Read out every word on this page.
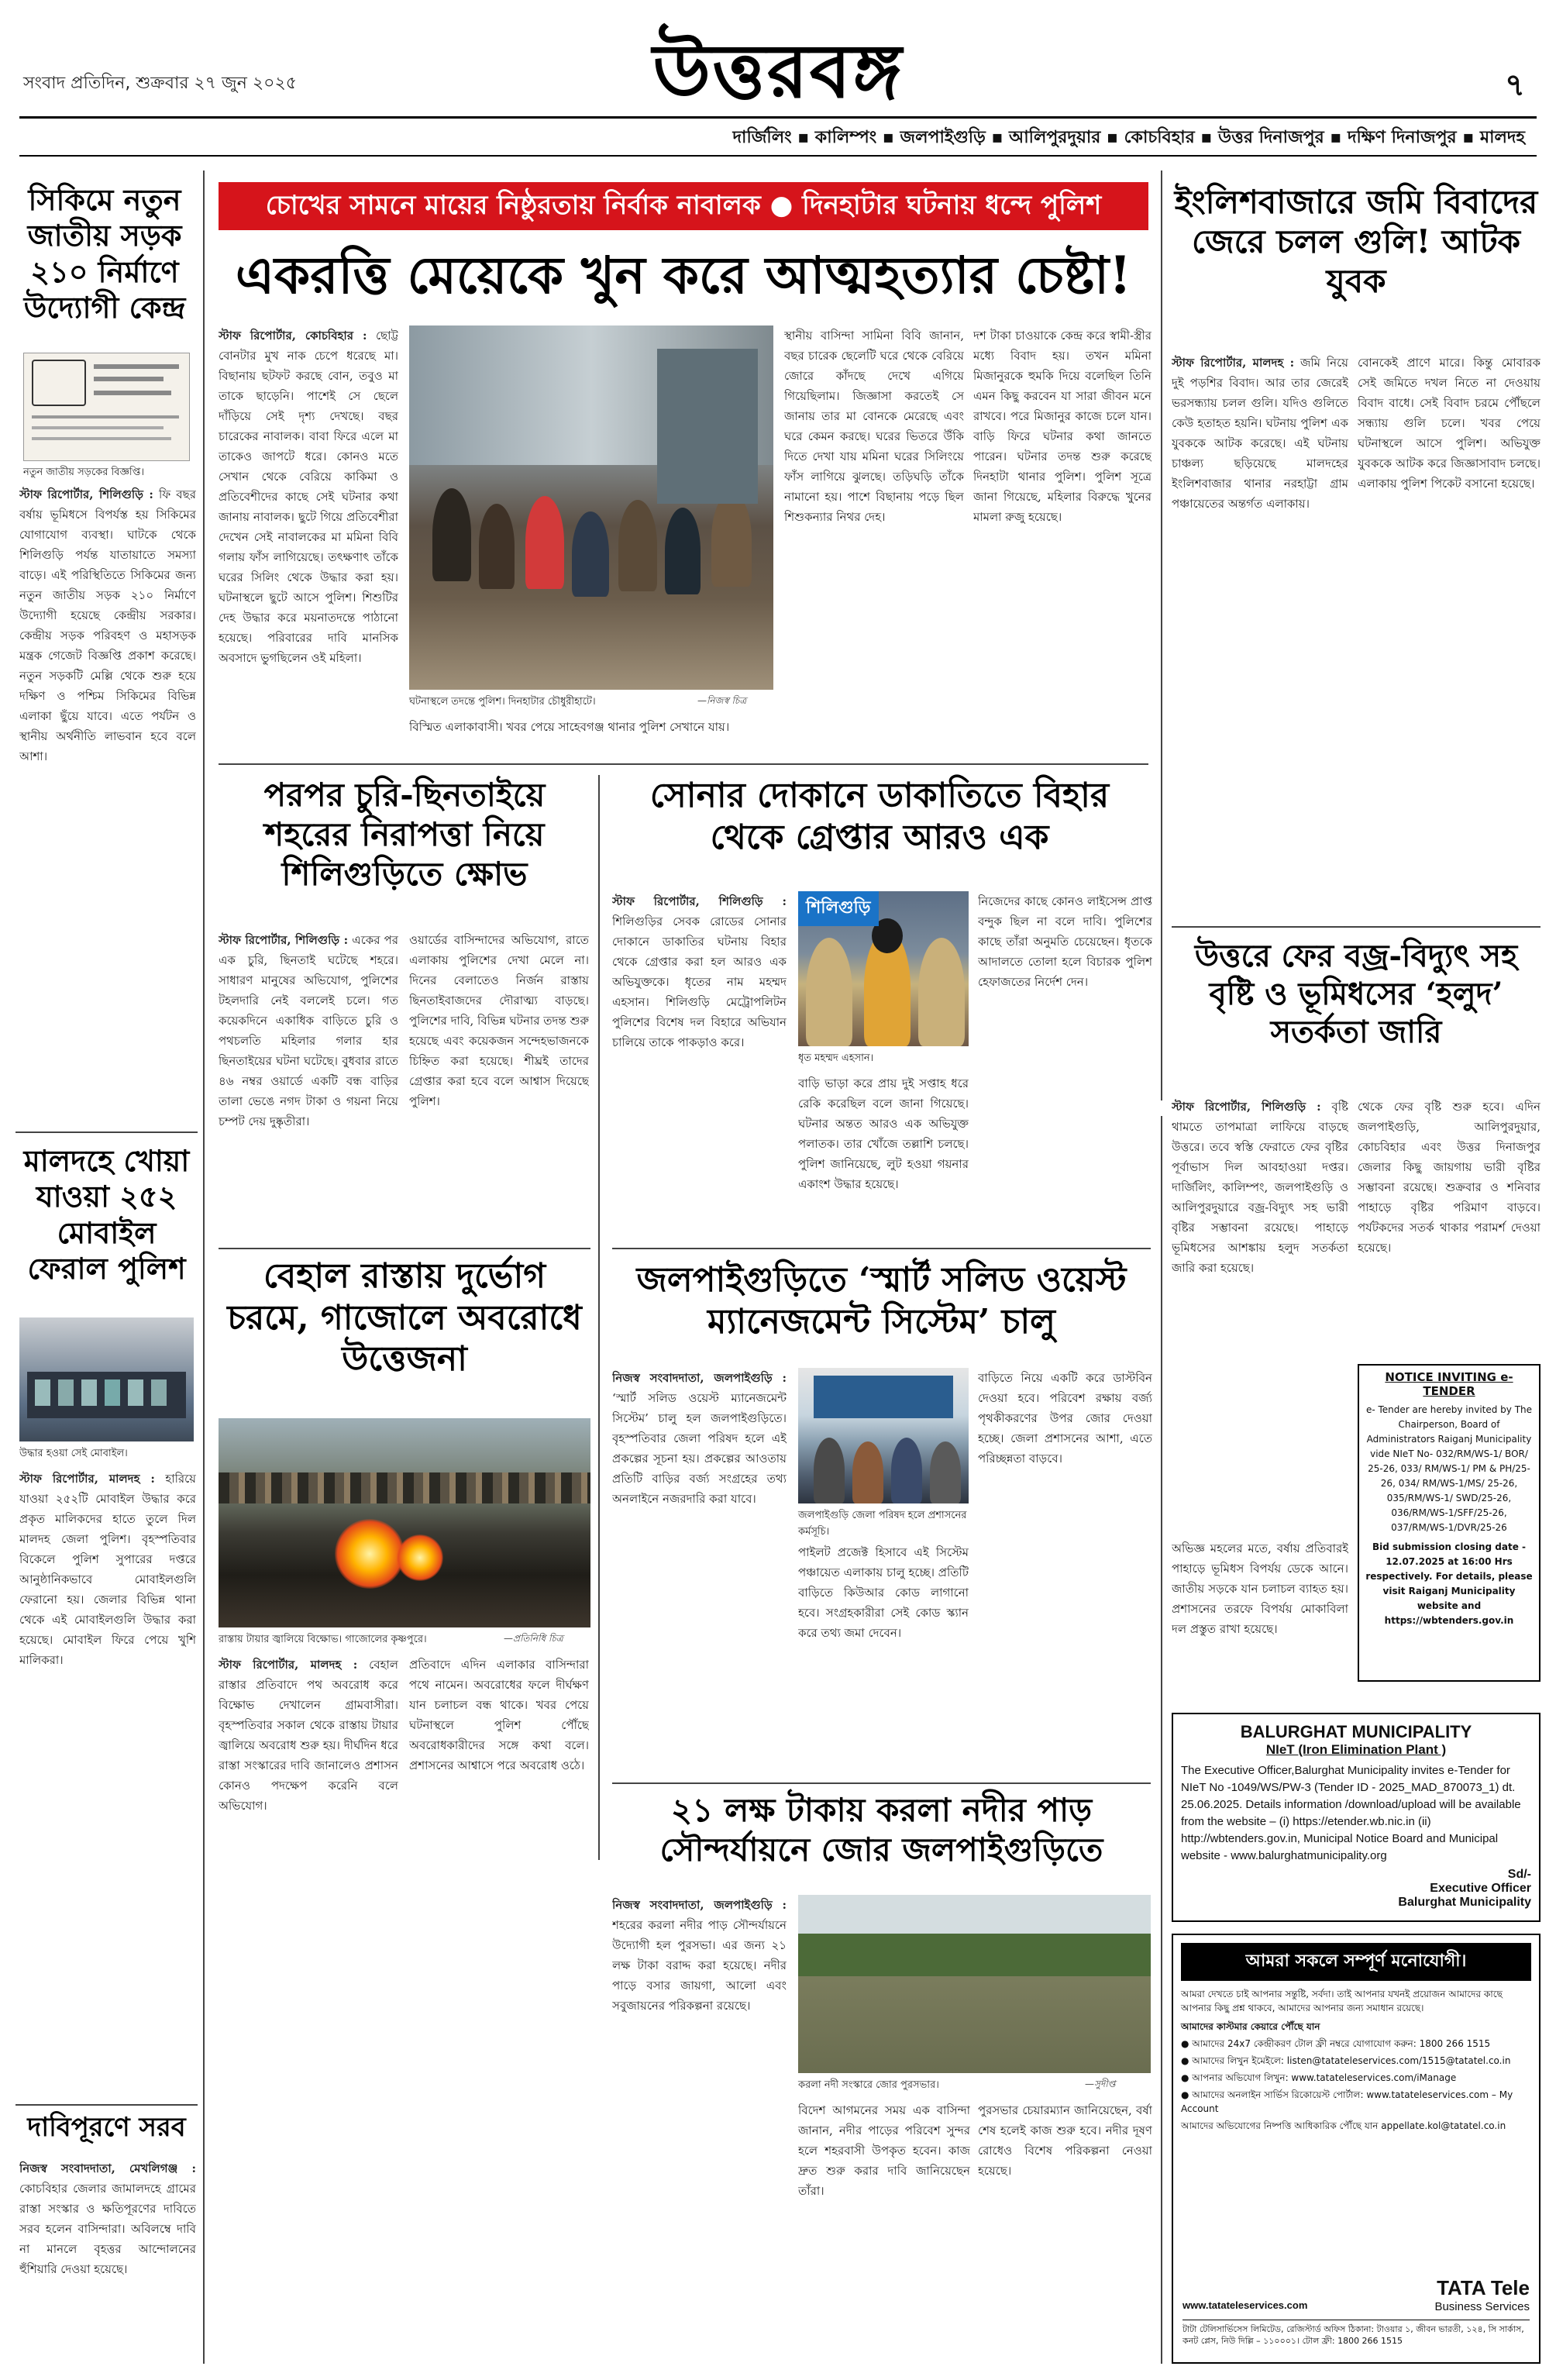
উত্তরবঙ্গ
সংবাদ প্রতিদিন, শুক্রবার ২৭ জুন ২০২৫	৭
দার্জিলিং ▪ কালিম্পং ▪ জলপাইগুড়ি ▪ আলিপুরদুয়ার ▪ কোচবিহার ▪ উত্তর দিনাজপুর ▪ দক্ষিণ দিনাজপুর ▪ মালদহ
চোখের সামনে মায়ের নিষ্ঠুরতায় নির্বাক নাবালক ● দিনহাটার ঘটনায় ধন্দে পুলিশ
একরত্তি মেয়েকে খুন করে আত্মহত্যার চেষ্টা!

স্টাফ রিপোর্টার, কোচবিহার : ছোট্ট বোনটার মুখ নাক চেপে ধরেছে মা। বিছানায় ছটফট করছে বোন, তবুও মা তাকে ছাড়েনি। পাশেই সে ছেলে দাঁড়িয়ে সেই দৃশ্য দেখছে। বছর চারেকের নাবালক। বাবা ফিরে এলে মা তাকেও জাপটে ধরে। কোনও মতে সেখান থেকে বেরিয়ে কাকিমা ও প্রতিবেশীদের কাছে সেই ঘটনার কথা জানায় নাবালক। ছুটে গিয়ে প্রতিবেশীরা দেখেন সেই নাবালকের মা মমিনা বিবি গলায় ফাঁস লাগিয়েছে। তৎক্ষণাৎ তাঁকে ঘরের সিলিং থেকে উদ্ধার করা হয়। ঘটনাস্থলে ছুটে আসে পুলিশ। শিশুটির দেহ উদ্ধার করে ময়নাতদন্তে পাঠানো হয়েছে। পরিবারের দাবি মানসিক অবসাদে ভুগছিলেন ওই মহিলা।

ঘটনাস্থলে তদন্তে পুলিশ। দিনহাটার চৌধুরীহাটে।	—নিজস্ব চিত্র

বিস্মিত এলাকাবাসী। খবর পেয়ে সাহেবগঞ্জ থানার পুলিশ সেখানে যায়।

স্থানীয় বাসিন্দা সামিনা বিবি জানান, বছর চারেক ছেলেটি ঘরে থেকে বেরিয়ে জোরে কাঁদছে দেখে এগিয়ে গিয়েছিলাম। জিজ্ঞাসা করতেই সে জানায় তার মা বোনকে মেরেছে এবং ঘরে কেমন করছে। ঘরের ভিতরে উঁকি দিতে দেখা যায় মমিনা ঘরের সিলিংয়ে ফাঁস লাগিয়ে ঝুলছে। তড়িঘড়ি তাঁকে নামানো হয়। পাশে বিছানায় পড়ে ছিল শিশুকন্যার নিথর দেহ।
দশ টাকা চাওয়াকে কেন্দ্র করে স্বামী-স্ত্রীর মধ্যে বিবাদ হয়। তখন মমিনা মিজানুরকে হুমকি দিয়ে বলেছিল তিনি এমন কিছু করবেন যা সারা জীবন মনে রাখবে। পরে মিজানুর কাজে চলে যান। বাড়ি ফিরে ঘটনার কথা জানতে পারেন। ঘটনার তদন্ত শুরু করেছে দিনহাটা থানার পুলিশ। পুলিশ সূত্রে জানা গিয়েছে, মহিলার বিরুদ্ধে খুনের মামলা রুজু হয়েছে।
সিকিমে নতুন জাতীয় সড়ক ২১০ নির্মাণে উদ্যোগী কেন্দ্র
নতুন জাতীয় সড়কের বিজ্ঞপ্তি।

স্টাফ রিপোর্টার, শিলিগুড়ি : ফি বছর বর্ষায় ভূমিধসে বিপর্যস্ত হয় সিকিমের যোগাযোগ ব্যবস্থা। ঘাটকে থেকে শিলিগুড়ি পর্যন্ত যাতায়াতে সমস্যা বাড়ে। এই পরিস্থিতিতে সিকিমের জন্য নতুন জাতীয় সড়ক ২১০ নির্মাণে উদ্যোগী হয়েছে কেন্দ্রীয় সরকার। কেন্দ্রীয় সড়ক পরিবহণ ও মহাসড়ক মন্ত্রক গেজেট বিজ্ঞপ্তি প্রকাশ করেছে। নতুন সড়কটি মেল্লি থেকে শুরু হয়ে দক্ষিণ ও পশ্চিম সিকিমের বিভিন্ন এলাকা ছুঁয়ে যাবে। এতে পর্যটন ও স্থানীয় অর্থনীতি লাভবান হবে বলে আশা।

মালদহে খোয়া যাওয়া ২৫২ মোবাইল ফেরাল পুলিশ
উদ্ধার হওয়া সেই মোবাইল।

স্টাফ রিপোর্টার, মালদহ : হারিয়ে যাওয়া ২৫২টি মোবাইল উদ্ধার করে প্রকৃত মালিকদের হাতে তুলে দিল মালদহ জেলা পুলিশ। বৃহস্পতিবার বিকেলে পুলিশ সুপারের দপ্তরে আনুষ্ঠানিকভাবে মোবাইলগুলি ফেরানো হয়। জেলার বিভিন্ন থানা থেকে এই মোবাইলগুলি উদ্ধার করা হয়েছে। মোবাইল ফিরে পেয়ে খুশি মালিকরা।

দাবিপূরণে সরব

নিজস্ব সংবাদদাতা, মেখলিগঞ্জ : কোচবিহার জেলার জামালদহে গ্রামের রাস্তা সংস্কার ও ক্ষতিপূরণের দাবিতে সরব হলেন বাসিন্দারা। অবিলম্বে দাবি না মানলে বৃহত্তর আন্দোলনের হুঁশিয়ারি দেওয়া হয়েছে।

পরপর চুরি-ছিনতাইয়ে শহরের নিরাপত্তা নিয়ে শিলিগুড়িতে ক্ষোভ

স্টাফ রিপোর্টার, শিলিগুড়ি : একের পর এক চুরি, ছিনতাই ঘটেছে শহরে। সাধারণ মানুষের অভিযোগ, পুলিশের টহলদারি নেই বললেই চলে। গত কয়েকদিনে একাধিক বাড়িতে চুরি ও পথচলতি মহিলার গলার হার ছিনতাইয়ের ঘটনা ঘটেছে। বুধবার রাতে ৪৬ নম্বর ওয়ার্ডে একটি বন্ধ বাড়ির তালা ভেঙে নগদ টাকা ও গয়না নিয়ে চম্পট দেয় দুষ্কৃতীরা।

ওয়ার্ডের বাসিন্দাদের অভিযোগ, রাতে এলাকায় পুলিশের দেখা মেলে না। দিনের বেলাতেও নির্জন রাস্তায় ছিনতাইবাজদের দৌরাত্ম্য বাড়ছে। পুলিশের দাবি, বিভিন্ন ঘটনার তদন্ত শুরু হয়েছে এবং কয়েকজন সন্দেহভাজনকে চিহ্নিত করা হয়েছে। শীঘ্রই তাদের গ্রেপ্তার করা হবে বলে আশ্বাস দিয়েছে পুলিশ।
বেহাল রাস্তায় দুর্ভোগ চরমে, গাজোলে অবরোধে উত্তেজনা
রাস্তায় টায়ার জ্বালিয়ে বিক্ষোভ। গাজোলের কৃষ্ণপুরে।	—প্রতিনিধি চিত্র

স্টাফ রিপোর্টার, মালদহ : বেহাল রাস্তার প্রতিবাদে পথ অবরোধ করে বিক্ষোভ দেখালেন গ্রামবাসীরা। বৃহস্পতিবার সকাল থেকে রাস্তায় টায়ার জ্বালিয়ে অবরোধ শুরু হয়। দীর্ঘদিন ধরে রাস্তা সংস্কারের দাবি জানালেও প্রশাসন কোনও পদক্ষেপ করেনি বলে অভিযোগ।

প্রতিবাদে এদিন এলাকার বাসিন্দারা পথে নামেন। অবরোধের ফলে দীর্ঘক্ষণ যান চলাচল বন্ধ থাকে। খবর পেয়ে ঘটনাস্থলে পুলিশ পৌঁছে অবরোধকারীদের সঙ্গে কথা বলে। প্রশাসনের আশ্বাসে পরে অবরোধ ওঠে।
সোনার দোকানে ডাকাতিতে বিহার থেকে গ্রেপ্তার আরও এক

স্টাফ রিপোর্টার, শিলিগুড়ি : শিলিগুড়ির সেবক রোডের সোনার দোকানে ডাকাতির ঘটনায় বিহার থেকে গ্রেপ্তার করা হল আরও এক অভিযুক্তকে। ধৃতের নাম মহম্মদ এহসান। শিলিগুড়ি মেট্রোপলিটন পুলিশের বিশেষ দল বিহারে অভিযান চালিয়ে তাকে পাকড়াও করে।

শিলিগুড়ি
ধৃত মহম্মদ এহসান।
বাড়ি ভাড়া করে প্রায় দুই সপ্তাহ ধরে রেকি করেছিল বলে জানা গিয়েছে। ঘটনার অন্তত আরও এক অভিযুক্ত পলাতক। তার খোঁজে তল্লাশি চলছে। পুলিশ জানিয়েছে, লুট হওয়া গয়নার একাংশ উদ্ধার হয়েছে।
নিজেদের কাছে কোনও লাইসেন্স প্রাপ্ত বন্দুক ছিল না বলে দাবি। পুলিশের কাছে তাঁরা অনুমতি চেয়েছেন। ধৃতকে আদালতে তোলা হলে বিচারক পুলিশ হেফাজতের নির্দেশ দেন।
জলপাইগুড়িতে ‘স্মার্ট সলিড ওয়েস্ট ম্যানেজমেন্ট সিস্টেম’ চালু

নিজস্ব সংবাদদাতা, জলপাইগুড়ি : ‘স্মার্ট সলিড ওয়েস্ট ম্যানেজমেন্ট সিস্টেম’ চালু হল জলপাইগুড়িতে। বৃহস্পতিবার জেলা পরিষদ হলে এই প্রকল্পের সূচনা হয়। প্রকল্পের আওতায় প্রতিটি বাড়ির বর্জ্য সংগ্রহের তথ্য অনলাইনে নজরদারি করা যাবে।

জলপাইগুড়ি জেলা পরিষদ হলে প্রশাসনের কর্মসূচি।
পাইলট প্রজেক্ট হিসাবে এই সিস্টেম পঞ্চায়েত এলাকায় চালু হচ্ছে। প্রতিটি বাড়িতে কিউআর কোড লাগানো হবে। সংগ্রহকারীরা সেই কোড স্ক্যান করে তথ্য জমা দেবেন।
বাড়িতে নিয়ে একটি করে ডাস্টবিন দেওয়া হবে। পরিবেশ রক্ষায় বর্জ্য পৃথকীকরণের উপর জোর দেওয়া হচ্ছে। জেলা প্রশাসনের আশা, এতে পরিচ্ছন্নতা বাড়বে।
২১ লক্ষ টাকায় করলা নদীর পাড় সৌন্দর্যায়নে জোর জলপাইগুড়িতে

নিজস্ব সংবাদদাতা, জলপাইগুড়ি : শহরের করলা নদীর পাড় সৌন্দর্যায়নে উদ্যোগী হল পুরসভা। এর জন্য ২১ লক্ষ টাকা বরাদ্দ করা হয়েছে। নদীর পাড়ে বসার জায়গা, আলো এবং সবুজায়নের পরিকল্পনা রয়েছে।

করলা নদী সংস্কারে জোর পুরসভার।	—সুদীপ্ত
বিদেশ আগমনের সময় এক বাসিন্দা জানান, নদীর পাড়ের পরিবেশ সুন্দর হলে শহরবাসী উপকৃত হবেন। কাজ দ্রুত শুরু করার দাবি জানিয়েছেন তাঁরা।
পুরসভার চেয়ারম্যান জানিয়েছেন, বর্ষা শেষ হলেই কাজ শুরু হবে। নদীর দূষণ রোধেও বিশেষ পরিকল্পনা নেওয়া হয়েছে।
ইংলিশবাজারে জমি বিবাদের জেরে চলল গুলি! আটক যুবক

স্টাফ রিপোর্টার, মালদহ : জমি নিয়ে দুই পড়শির বিবাদ। আর তার জেরেই ভরসন্ধ্যায় চলল গুলি। যদিও গুলিতে কেউ হতাহত হয়নি। ঘটনায় পুলিশ এক যুবককে আটক করেছে। এই ঘটনায় চাঞ্চল্য ছড়িয়েছে মালদহের ইংলিশবাজার থানার নরহাট্টা গ্রাম পঞ্চায়েতের অন্তর্গত এলাকায়।

বোনকেই প্রাণে মারে। কিন্তু মোবারক সেই জমিতে দখল নিতে না দেওয়ায় বিবাদ বাধে। সেই বিবাদ চরমে পৌঁছলে সন্ধ্যায় গুলি চলে। খবর পেয়ে ঘটনাস্থলে আসে পুলিশ। অভিযুক্ত যুবককে আটক করে জিজ্ঞাসাবাদ চলছে। এলাকায় পুলিশ পিকেট বসানো হয়েছে।
উত্তরে ফের বজ্র-বিদ্যুৎ সহ বৃষ্টি ও ভূমিধসের ‘হলুদ’ সতর্কতা জারি

স্টাফ রিপোর্টার, শিলিগুড়ি : বৃষ্টি থামতে তাপমাত্রা লাফিয়ে বাড়ছে উত্তরে। তবে স্বস্তি ফেরাতে ফের বৃষ্টির পূর্বাভাস দিল আবহাওয়া দপ্তর। দার্জিলিং, কালিম্পং, জলপাইগুড়ি ও আলিপুরদুয়ারে বজ্র-বিদ্যুৎ সহ ভারী বৃষ্টির সম্ভাবনা রয়েছে। পাহাড়ে ভূমিধসের আশঙ্কায় হলুদ সতর্কতা জারি করা হয়েছে।

থেকে ফের বৃষ্টি শুরু হবে। এদিন জলপাইগুড়ি, আলিপুরদুয়ার, কোচবিহার এবং উত্তর দিনাজপুর জেলার কিছু জায়গায় ভারী বৃষ্টির সম্ভাবনা রয়েছে। শুক্রবার ও শনিবার পাহাড়ে বৃষ্টির পরিমাণ বাড়বে। পর্যটকদের সতর্ক থাকার পরামর্শ দেওয়া হয়েছে।
অভিজ্ঞ মহলের মতে, বর্ষায় প্রতিবারই পাহাড়ে ভূমিধস বিপর্যয় ডেকে আনে। জাতীয় সড়কে যান চলাচল ব্যাহত হয়। প্রশাসনের তরফে বিপর্যয় মোকাবিলা দল প্রস্তুত রাখা হয়েছে।
NOTICE INVITING e- TENDER
e- Tender are hereby invited by The Chairperson, Board of Administrators Raiganj Municipality vide NIeT No- 032/RM/WS-1/ BOR/ 25-26, 033/ RM/WS-1/ PM & PH/25-26, 034/ RM/WS-1/MS/ 25-26, 035/RM/WS-1/ SWD/25-26, 036/RM/WS-1/SFF/25-26, 037/RM/WS-1/DVR/25-26
Bid submission closing date - 12.07.2025 at 16:00 Hrs respectively. For details, please visit Raiganj Municipality website and https://wbtenders.gov.in
BALURGHAT MUNICIPALITY
NIeT (Iron Elimination Plant )
The Executive Officer,Balurghat Municipality invites e-Tender for NIeT No -1049/WS/PW-3 (Tender ID - 2025_MAD_870073_1) dt. 25.06.2025. Details information /download/upload will be available from the website – (i) https://etender.wb.nic.in (ii) http://wbtenders.gov.in, Municipal Notice Board and Municipal website - www.balurghatmunicipality.org
Sd/-
Executive Officer
Balurghat Municipality
আমরা সকলে সম্পূর্ণ মনোযোগী।
আমরা দেখতে চাই আপনার সন্তুষ্টি, সর্বদা। তাই আপনার যখনই প্রয়োজন আমাদের কাছে আপনার কিছু প্রশ্ন থাকবে, আমাদের আপনার জন্য সমাধান রয়েছে।
আমাদের কাস্টমার কেয়ারে পৌঁছে যান
● আমাদের 24x7 কেন্দ্রীকরণ টোল ফ্রী নম্বরে যোগাযোগ করুন: 1800 266 1515
● আমাদের লিখুন ইমেইলে: listen@tatateleservices.com/1515@tatatel.co.in
● আপনার অভিযোগ লিখুন: www.tatateleservices.com/iManage
● আমাদের অনলাইন সার্ভিস রিকোয়েস্ট পোর্টাল: www.tatateleservices.com – My Account
আমাদের অভিযোগের নিষ্পত্তি আধিকারিক পৌঁছে যান appellate.kol@tatatel.co.in
TATA Tele
Business Services
www.tatateleservices.com
টাটা টেলিসার্ভিসেস লিমিটেড, রেজিস্টার্ড অফিস ঠিকানা: টাওয়ার ১, জীবন ভারতী, ১২৪, সি সার্কাস, কনট প্লেস, নিউ দিল্লি – ১১০০০১। টোল ফ্রী: 1800 266 1515
